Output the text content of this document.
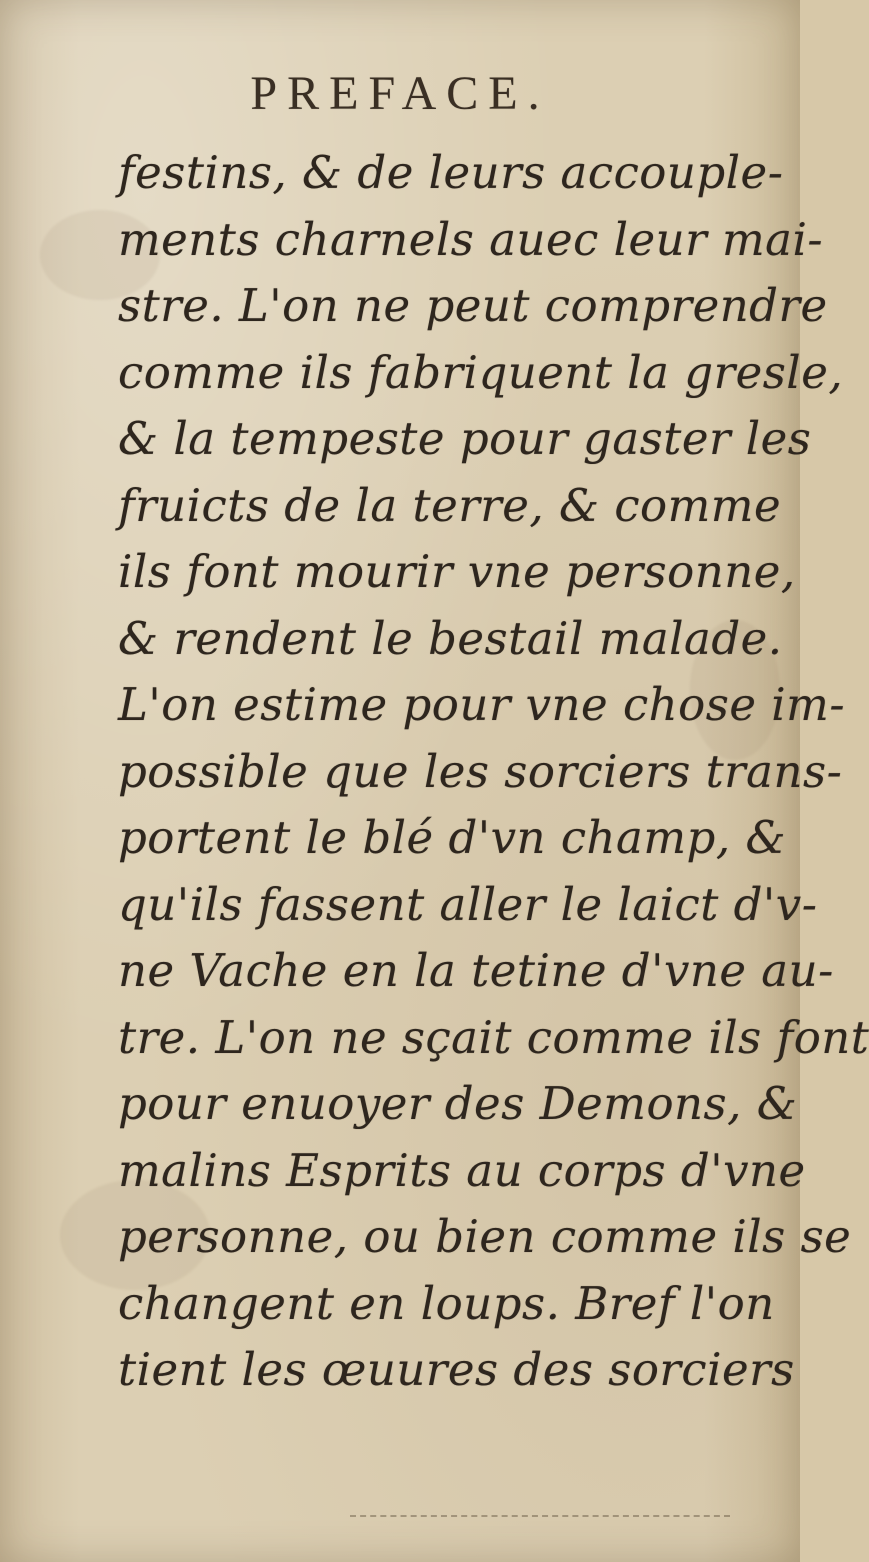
PREFACE.
festins, & de leurs accouple-
ments charnels auec leur mai-
stre. L'on ne peut comprendre
comme ils fabriquent la gresle,
& la tempeste pour gaster les
fruicts de la terre, & comme
ils font mourir vne personne,
& rendent le bestail malade.
L'on estime pour vne chose im-
possible que les sorciers trans-
portent le blé d'vn champ, &
qu'ils fassent aller le laict d'v-
ne Vache en la tetine d'vne au-
tre. L'on ne sçait comme ils font
pour enuoyer des Demons, &
malins Esprits au corps d'vne
personne, ou bien comme ils se
changent en loups. Bref l'on
tient les œuures des sorciers
